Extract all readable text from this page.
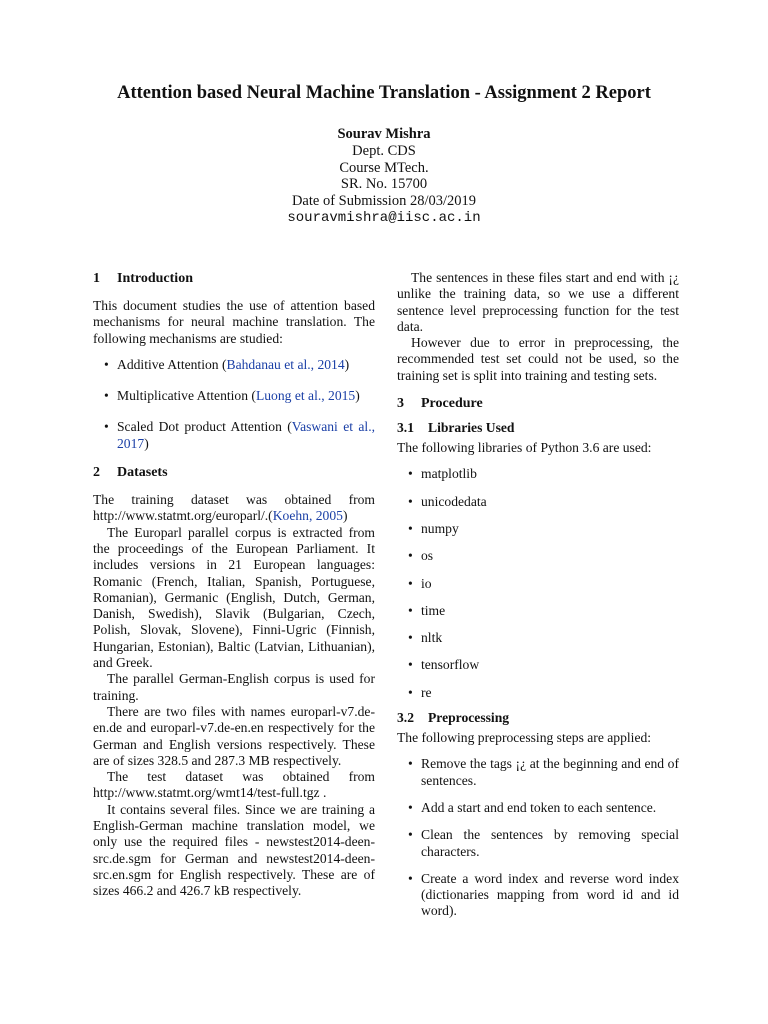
Attention based Neural Machine Translation - Assignment 2 Report
Sourav Mishra
Dept. CDS
Course MTech.
SR. No. 15700
Date of Submission 28/03/2019
souravmishra@iisc.ac.in
1 Introduction

This document studies the use of attention based mechanisms for neural machine translation. The following mechanisms are studied:

• Additive Attention (Bahdanau et al., 2014)
• Multiplicative Attention (Luong et al., 2015)
• Scaled Dot product Attention (Vaswani et al., 2017)
2 Datasets

The training dataset was obtained from http://www.statmt.org/europarl/.(Koehn, 2005)

The Europarl parallel corpus is extracted from the proceedings of the European Parliament. It includes versions in 21 European languages: Romanic (French, Italian, Spanish, Portuguese, Romanian), Germanic (English, Dutch, German, Danish, Swedish), Slavik (Bulgarian, Czech, Polish, Slovak, Slovene), Finni-Ugric (Finnish, Hungarian, Estonian), Baltic (Latvian, Lithuanian), and Greek.

The parallel German-English corpus is used for training.

There are two files with names europarl-v7.de-en.de and europarl-v7.de-en.en respectively for the German and English versions respectively. These are of sizes 328.5 and 287.3 MB respectively.

The test dataset was obtained from http://www.statmt.org/wmt14/test-full.tgz .

It contains several files. Since we are training a English-German machine translation model, we only use the required files - newstest2014-deen-src.de.sgm for German and newstest2014-deen-src.en.sgm for English respectively. These are of sizes 466.2 and 426.7 kB respectively.

The sentences in these files start and end with ¡¿ unlike the training data, so we use a different sentence level preprocessing function for the test data.

However due to error in preprocessing, the recommended test set could not be used, so the training set is split into training and testing sets.

3 Procedure
3.1 Libraries Used

The following libraries of Python 3.6 are used:

• matplotlib
• unicodedata
• numpy
• os
• io
• time
• nltk
• tensorflow
• re
3.2 Preprocessing

The following preprocessing steps are applied:

• Remove the tags ¡¿ at the beginning and end of sentences.
• Add a start and end token to each sentence.
• Clean the sentences by removing special characters.
• Create a word index and reverse word index (dictionaries mapping from word id and id word).
